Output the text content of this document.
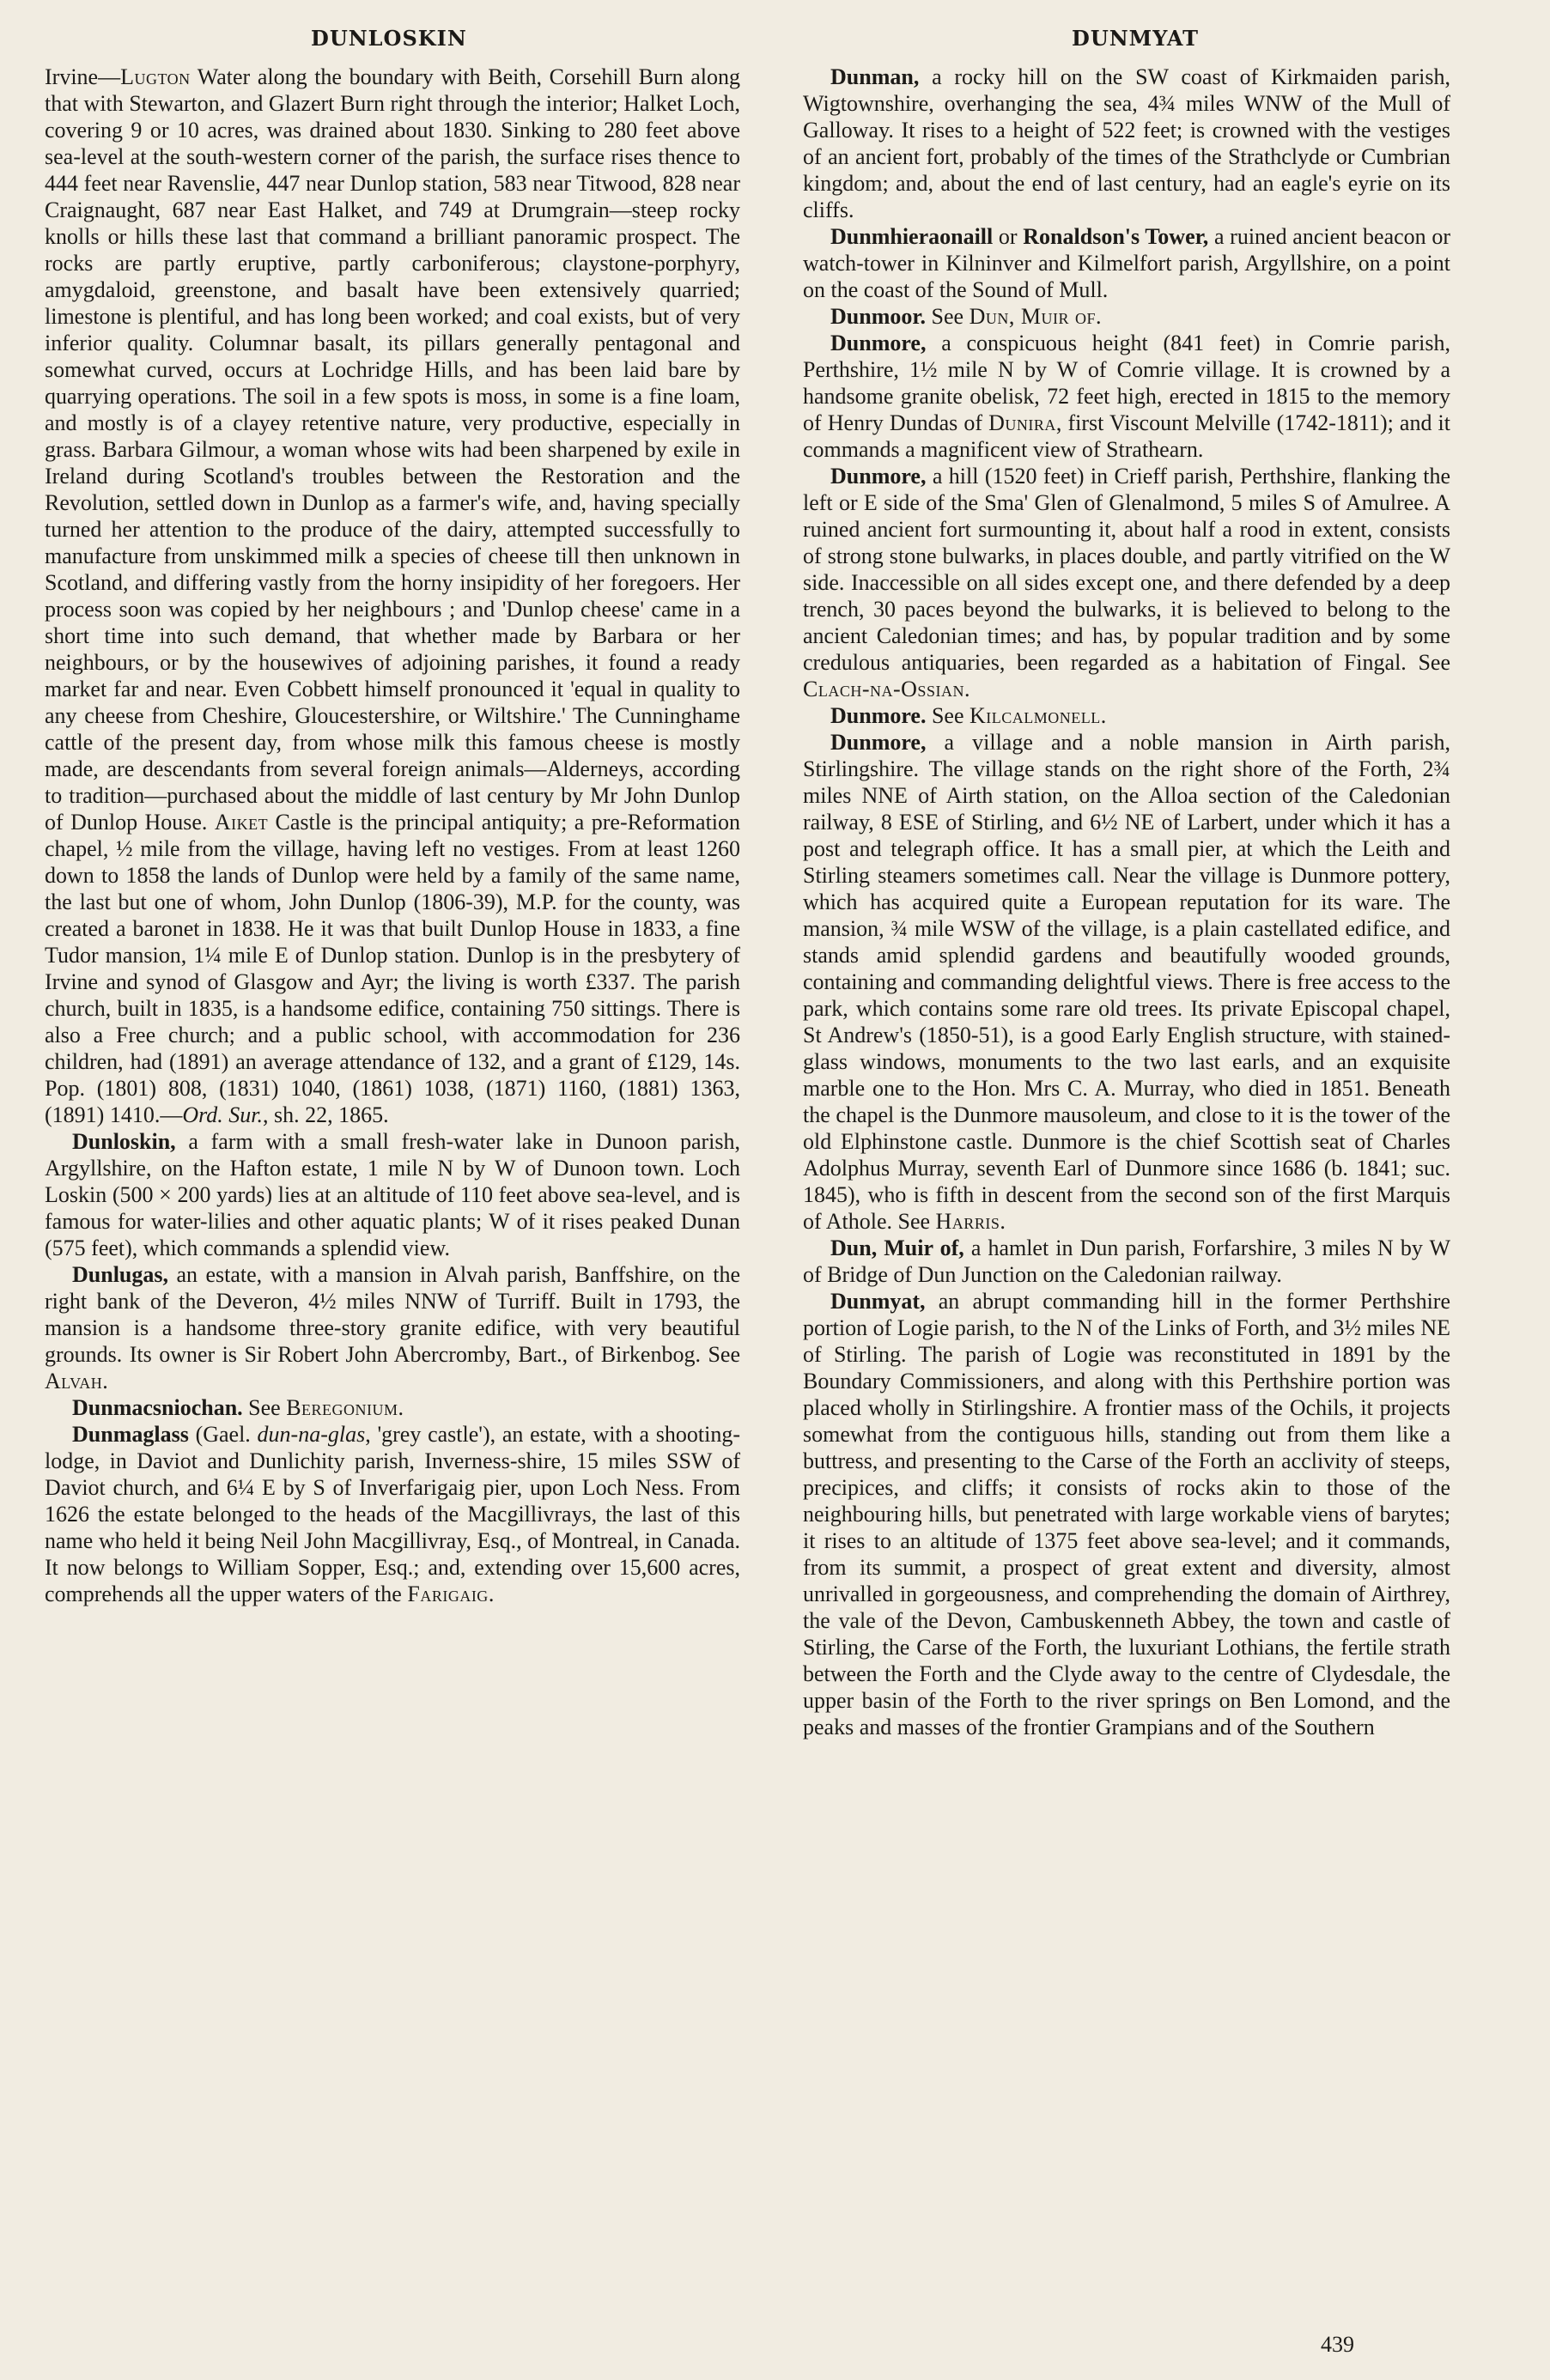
DUNLOSKIN	DUNMYAT

Irvine—Lugton Water along the boundary with Beith, Corsehill Burn along that with Stewarton, and Glazert Burn right through the interior; Halket Loch, covering 9 or 10 acres, was drained about 1830. Sinking to 280 feet above sea-level at the south-western corner of the parish, the surface rises thence to 444 feet near Ravenslie, 447 near Dunlop station, 583 near Titwood, 828 near Craignaught, 687 near East Halket, and 749 at Drumgrain—steep rocky knolls or hills these last that command a brilliant panoramic prospect. The rocks are partly eruptive, partly carboniferous; claystone-porphyry, amygdaloid, greenstone, and basalt have been extensively quarried; limestone is plentiful, and has long been worked; and coal exists, but of very inferior quality. Columnar basalt, its pillars generally pentagonal and somewhat curved, occurs at Lochridge Hills, and has been laid bare by quarrying operations. The soil in a few spots is moss, in some is a fine loam, and mostly is of a clayey retentive nature, very productive, especially in grass. Barbara Gilmour, a woman whose wits had been sharpened by exile in Ireland during Scotland's troubles between the Restoration and the Revolution, settled down in Dunlop as a farmer's wife, and, having specially turned her attention to the produce of the dairy, attempted successfully to manufacture from unskimmed milk a species of cheese till then unknown in Scotland, and differing vastly from the horny insipidity of her foregoers. Her process soon was copied by her neighbours ; and 'Dunlop cheese' came in a short time into such demand, that whether made by Barbara or her neighbours, or by the housewives of adjoining parishes, it found a ready market far and near. Even Cobbett himself pronounced it 'equal in quality to any cheese from Cheshire, Gloucestershire, or Wiltshire.' The Cunninghame cattle of the present day, from whose milk this famous cheese is mostly made, are descendants from several foreign animals—Alderneys, according to tradition—purchased about the middle of last century by Mr John Dunlop of Dunlop House. Aiket Castle is the principal antiquity; a pre-Reformation chapel, ½ mile from the village, having left no vestiges. From at least 1260 down to 1858 the lands of Dunlop were held by a family of the same name, the last but one of whom, John Dunlop (1806-39), M.P. for the county, was created a baronet in 1838. He it was that built Dunlop House in 1833, a fine Tudor mansion, 1¼ mile E of Dunlop station. Dunlop is in the presbytery of Irvine and synod of Glasgow and Ayr; the living is worth £337. The parish church, built in 1835, is a handsome edifice, containing 750 sittings. There is also a Free church; and a public school, with accommodation for 236 children, had (1891) an average attendance of 132, and a grant of £129, 14s. Pop. (1801) 808, (1831) 1040, (1861) 1038, (1871) 1160, (1881) 1363, (1891) 1410.—Ord. Sur., sh. 22, 1865.

Dunloskin, a farm with a small fresh-water lake in Dunoon parish, Argyllshire, on the Hafton estate, 1 mile N by W of Dunoon town. Loch Loskin (500 × 200 yards) lies at an altitude of 110 feet above sea-level, and is famous for water-lilies and other aquatic plants; W of it rises peaked Dunan (575 feet), which commands a splendid view.

Dunlugas, an estate, with a mansion in Alvah parish, Banffshire, on the right bank of the Deveron, 4½ miles NNW of Turriff. Built in 1793, the mansion is a handsome three-story granite edifice, with very beautiful grounds. Its owner is Sir Robert John Abercromby, Bart., of Birkenbog. See Alvah.

Dunmacsniochan. See Beregonium.

Dunmaglass (Gael. dun-na-glas, 'grey castle'), an estate, with a shooting-lodge, in Daviot and Dunlichity parish, Inverness-shire, 15 miles SSW of Daviot church, and 6¼ E by S of Inverfarigaig pier, upon Loch Ness. From 1626 the estate belonged to the heads of the Macgillivrays, the last of this name who held it being Neil John Macgillivray, Esq., of Montreal, in Canada. It now belongs to William Sopper, Esq.; and, extending over 15,600 acres, comprehends all the upper waters of the Farigaig.

Dunman, a rocky hill on the SW coast of Kirkmaiden parish, Wigtownshire, overhanging the sea, 4¾ miles WNW of the Mull of Galloway. It rises to a height of 522 feet; is crowned with the vestiges of an ancient fort, probably of the times of the Strathclyde or Cumbrian kingdom; and, about the end of last century, had an eagle's eyrie on its cliffs.

Dunmhieraonaill or Ronaldson's Tower, a ruined ancient beacon or watch-tower in Kilninver and Kilmelfort parish, Argyllshire, on a point on the coast of the Sound of Mull.

Dunmoor. See Dun, Muir of.

Dunmore, a conspicuous height (841 feet) in Comrie parish, Perthshire, 1½ mile N by W of Comrie village. It is crowned by a handsome granite obelisk, 72 feet high, erected in 1815 to the memory of Henry Dundas of Dunira, first Viscount Melville (1742-1811); and it commands a magnificent view of Strathearn.

Dunmore, a hill (1520 feet) in Crieff parish, Perthshire, flanking the left or E side of the Sma' Glen of Glenalmond, 5 miles S of Amulree. A ruined ancient fort surmounting it, about half a rood in extent, consists of strong stone bulwarks, in places double, and partly vitrified on the W side. Inaccessible on all sides except one, and there defended by a deep trench, 30 paces beyond the bulwarks, it is believed to belong to the ancient Caledonian times; and has, by popular tradition and by some credulous antiquaries, been regarded as a habitation of Fingal. See Clach-na-Ossian.

Dunmore. See Kilcalmonell.

Dunmore, a village and a noble mansion in Airth parish, Stirlingshire. The village stands on the right shore of the Forth, 2¾ miles NNE of Airth station, on the Alloa section of the Caledonian railway, 8 ESE of Stirling, and 6½ NE of Larbert, under which it has a post and telegraph office. It has a small pier, at which the Leith and Stirling steamers sometimes call. Near the village is Dunmore pottery, which has acquired quite a European reputation for its ware. The mansion, ¾ mile WSW of the village, is a plain castellated edifice, and stands amid splendid gardens and beautifully wooded grounds, containing and commanding delightful views. There is free access to the park, which contains some rare old trees. Its private Episcopal chapel, St Andrew's (1850-51), is a good Early English structure, with stained-glass windows, monuments to the two last earls, and an exquisite marble one to the Hon. Mrs C. A. Murray, who died in 1851. Beneath the chapel is the Dunmore mausoleum, and close to it is the tower of the old Elphinstone castle. Dunmore is the chief Scottish seat of Charles Adolphus Murray, seventh Earl of Dunmore since 1686 (b. 1841; suc. 1845), who is fifth in descent from the second son of the first Marquis of Athole. See Harris.

Dun, Muir of, a hamlet in Dun parish, Forfarshire, 3 miles N by W of Bridge of Dun Junction on the Caledonian railway.

Dunmyat, an abrupt commanding hill in the former Perthshire portion of Logie parish, to the N of the Links of Forth, and 3½ miles NE of Stirling. The parish of Logie was reconstituted in 1891 by the Boundary Commissioners, and along with this Perthshire portion was placed wholly in Stirlingshire. A frontier mass of the Ochils, it projects somewhat from the contiguous hills, standing out from them like a buttress, and presenting to the Carse of the Forth an acclivity of steeps, precipices, and cliffs; it consists of rocks akin to those of the neighbouring hills, but penetrated with large workable viens of barytes; it rises to an altitude of 1375 feet above sea-level; and it commands, from its summit, a prospect of great extent and diversity, almost unrivalled in gorgeousness, and comprehending the domain of Airthrey, the vale of the Devon, Cambuskenneth Abbey, the town and castle of Stirling, the Carse of the Forth, the luxuriant Lothians, the fertile strath between the Forth and the Clyde away to the centre of Clydesdale, the upper basin of the Forth to the river springs on Ben Lomond, and the peaks and masses of the frontier Grampians and of the Southern

439
